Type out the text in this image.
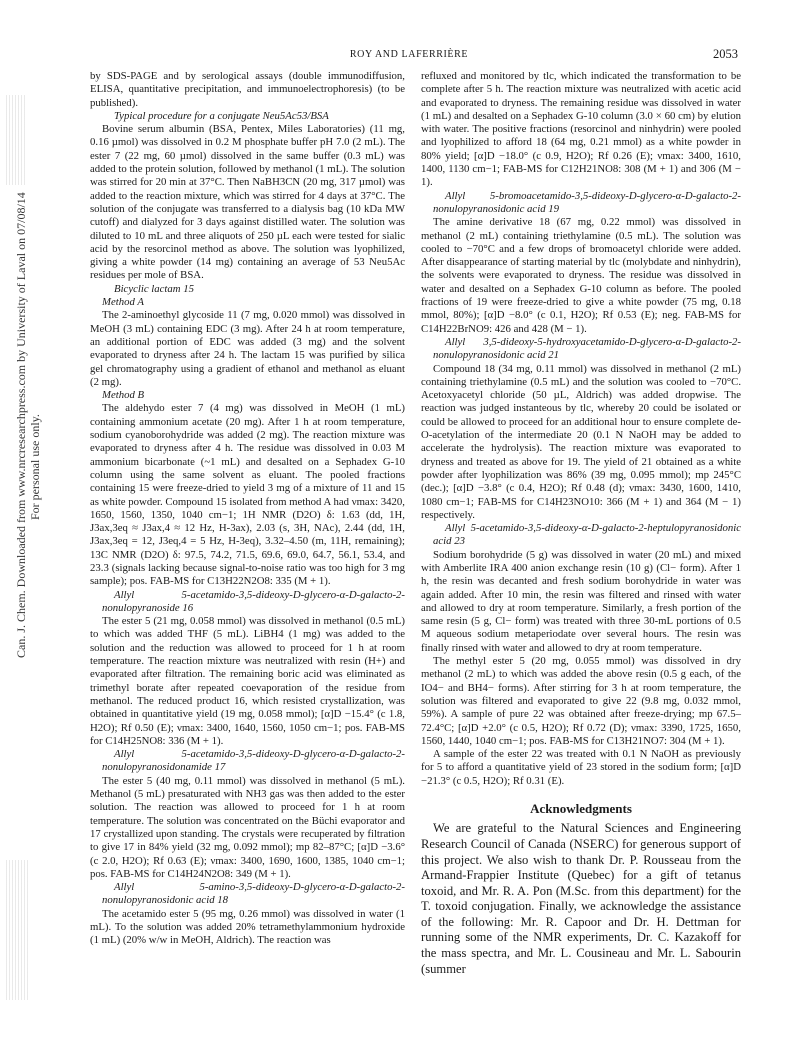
ROY AND LAFERRIÈRE	2053
Can. J. Chem. Downloaded from www.nrcresearchpress.com by University of Laval on 07/08/14 For personal use only.

by SDS-PAGE and by serological assays (double immunodiffusion, ELISA, quantitative precipitation, and immunoelectrophoresis) (to be published).

Typical procedure for a conjugate Neu5Ac53/BSA

Bovine serum albumin (BSA, Pentex, Miles Laboratories) (11 mg, 0.16 µmol) was dissolved in 0.2 M phosphate buffer pH 7.0 (2 mL). The ester 7 (22 mg, 60 µmol) dissolved in the same buffer (0.3 mL) was added to the protein solution, followed by methanol (1 mL). The solution was stirred for 20 min at 37°C. Then NaBH3CN (20 mg, 317 µmol) was added to the reaction mixture, which was stirred for 4 days at 37°C. The solution of the conjugate was transferred to a dialysis bag (10 kDa MW cutoff) and dialyzed for 3 days against distilled water. The solution was diluted to 10 mL and three aliquots of 250 µL each were tested for sialic acid by the resorcinol method as above. The solution was lyophilized, giving a white powder (14 mg) containing an average of 53 Neu5Ac residues per mole of BSA.

Bicyclic lactam 15

Method A

The 2-aminoethyl glycoside 11 (7 mg, 0.020 mmol) was dissolved in MeOH (3 mL) containing EDC (3 mg). After 24 h at room temperature, an additional portion of EDC was added (3 mg) and the solvent evaporated to dryness after 24 h. The lactam 15 was purified by silica gel chromatography using a gradient of ethanol and methanol as eluant (2 mg).

Method B

The aldehydo ester 7 (4 mg) was dissolved in MeOH (1 mL) containing ammonium acetate (20 mg). After 1 h at room temperature, sodium cyanoborohydride was added (2 mg). The reaction mixture was evaporated to dryness after 4 h. The residue was dissolved in 0.03 M ammonium bicarbonate (~1 mL) and desalted on a Sephadex G-10 column using the same solvent as eluant. The pooled fractions containing 15 were freeze-dried to yield 3 mg of a mixture of 11 and 15 as white powder. Compound 15 isolated from method A had νmax: 3420, 1650, 1560, 1350, 1040 cm−1; 1H NMR (D2O) δ: 1.63 (dd, 1H, J3ax,3eq ≈ J3ax,4 ≈ 12 Hz, H-3ax), 2.03 (s, 3H, NAc), 2.44 (dd, 1H, J3ax,3eq = 12, J3eq,4 = 5 Hz, H-3eq), 3.32–4.50 (m, 11H, remaining); 13C NMR (D2O) δ: 97.5, 74.2, 71.5, 69.6, 69.0, 64.7, 56.1, 53.4, and 23.3 (signals lacking because signal-to-noise ratio was too high for 3 mg sample); pos. FAB-MS for C13H22N2O8: 335 (M + 1).

Allyl 5-acetamido-3,5-dideoxy-D-glycero-α-D-galacto-2-nonulopyranoside 16

The ester 5 (21 mg, 0.058 mmol) was dissolved in methanol (0.5 mL) to which was added THF (5 mL). LiBH4 (1 mg) was added to the solution and the reduction was allowed to proceed for 1 h at room temperature. The reaction mixture was neutralized with resin (H+) and evaporated after filtration. The remaining boric acid was eliminated as trimethyl borate after repeated coevaporation of the residue from methanol. The reduced product 16, which resisted crystallization, was obtained in quantitative yield (19 mg, 0.058 mmol); [α]D −15.4° (c 1.8, H2O); Rf 0.50 (E); νmax: 3400, 1640, 1560, 1050 cm−1; pos. FAB-MS for C14H25NO8: 336 (M + 1).

Allyl 5-acetamido-3,5-dideoxy-D-glycero-α-D-galacto-2-nonulopyranosidonamide 17

The ester 5 (40 mg, 0.11 mmol) was dissolved in methanol (5 mL). Methanol (5 mL) presaturated with NH3 gas was then added to the ester solution. The reaction was allowed to proceed for 1 h at room temperature. The solution was concentrated on the Büchi evaporator and 17 crystallized upon standing. The crystals were recuperated by filtration to give 17 in 84% yield (32 mg, 0.092 mmol); mp 82–87°C; [α]D −3.6° (c 2.0, H2O); Rf 0.63 (E); νmax: 3400, 1690, 1600, 1385, 1040 cm−1; pos. FAB-MS for C14H24N2O8: 349 (M + 1).

Allyl 5-amino-3,5-dideoxy-D-glycero-α-D-galacto-2-nonulopyranosidonic acid 18

The acetamido ester 5 (95 mg, 0.26 mmol) was dissolved in water (1 mL). To the solution was added 20% tetramethylammonium hydroxide (1 mL) (20% w/w in MeOH, Aldrich). The reaction was

refluxed and monitored by tlc, which indicated the transformation to be complete after 5 h. The reaction mixture was neutralized with acetic acid and evaporated to dryness. The remaining residue was dissolved in water (1 mL) and desalted on a Sephadex G-10 column (3.0 × 60 cm) by elution with water. The positive fractions (resorcinol and ninhydrin) were pooled and lyophilized to afford 18 (64 mg, 0.21 mmol) as a white powder in 80% yield; [α]D −18.0° (c 0.9, H2O); Rf 0.26 (E); νmax: 3400, 1610, 1400, 1130 cm−1; FAB-MS for C12H21NO8: 308 (M + 1) and 306 (M − 1).

Allyl 5-bromoacetamido-3,5-dideoxy-D-glycero-α-D-galacto-2-nonulopyranosidonic acid 19

The amine derivative 18 (67 mg, 0.22 mmol) was dissolved in methanol (2 mL) containing triethylamine (0.5 mL). The solution was cooled to −70°C and a few drops of bromoacetyl chloride were added. After disappearance of starting material by tlc (molybdate and ninhydrin), the solvents were evaporated to dryness. The residue was dissolved in water and desalted on a Sephadex G-10 column as before. The pooled fractions of 19 were freeze-dried to give a white powder (75 mg, 0.18 mmol, 80%); [α]D −8.0° (c 0.1, H2O); Rf 0.53 (E); neg. FAB-MS for C14H22BrNO9: 426 and 428 (M − 1).

Allyl 3,5-dideoxy-5-hydroxyacetamido-D-glycero-α-D-galacto-2-nonulopyranosidonic acid 21

Compound 18 (34 mg, 0.11 mmol) was dissolved in methanol (2 mL) containing triethylamine (0.5 mL) and the solution was cooled to −70°C. Acetoxyacetyl chloride (50 µL, Aldrich) was added dropwise. The reaction was judged instanteous by tlc, whereby 20 could be isolated or could be allowed to proceed for an additional hour to ensure complete de-O-acetylation of the intermediate 20 (0.1 N NaOH may be added to accelerate the hydrolysis). The reaction mixture was evaporated to dryness and treated as above for 19. The yield of 21 obtained as a white powder after lyophilization was 86% (39 mg, 0.095 mmol); mp 245°C (dec.); [α]D −3.8° (c 0.4, H2O); Rf 0.48 (d); νmax: 3430, 1600, 1410, 1080 cm−1; FAB-MS for C14H23NO10: 366 (M + 1) and 364 (M − 1) respectively.

Allyl 5-acetamido-3,5-dideoxy-α-D-galacto-2-heptulopyranosidonic acid 23

Sodium borohydride (5 g) was dissolved in water (20 mL) and mixed with Amberlite IRA 400 anion exchange resin (10 g) (Cl− form). After 1 h, the resin was decanted and fresh sodium borohydride in water was again added. After 10 min, the resin was filtered and rinsed with water and allowed to dry at room temperature. Similarly, a fresh portion of the same resin (5 g, Cl− form) was treated with three 30-mL portions of 0.5 M aqueous sodium metaperiodate over several hours. The resin was finally rinsed with water and allowed to dry at room temperature.

The methyl ester 5 (20 mg, 0.055 mmol) was dissolved in dry methanol (2 mL) to which was added the above resin (0.5 g each, of the IO4− and BH4− forms). After stirring for 3 h at room temperature, the solution was filtered and evaporated to give 22 (9.8 mg, 0.032 mmol, 59%). A sample of pure 22 was obtained after freeze-drying; mp 67.5–72.4°C; [α]D +2.0° (c 0.5, H2O); Rf 0.72 (D); νmax: 3390, 1725, 1650, 1560, 1440, 1040 cm−1; pos. FAB-MS for C13H21NO7: 304 (M + 1).

A sample of the ester 22 was treated with 0.1 N NaOH as previously for 5 to afford a quantitative yield of 23 stored in the sodium form; [α]D −21.3° (c 0.5, H2O); Rf 0.31 (E).

Acknowledgments

We are grateful to the Natural Sciences and Engineering Research Council of Canada (NSERC) for generous support of this project. We also wish to thank Dr. P. Rousseau from the Armand-Frappier Institute (Quebec) for a gift of tetanus toxoid, and Mr. R. A. Pon (M.Sc. from this department) for the T. toxoid conjugation. Finally, we acknowledge the assistance of the following: Mr. R. Capoor and Dr. H. Dettman for running some of the NMR experiments, Dr. C. Kazakoff for the mass spectra, and Mr. L. Cousineau and Mr. L. Sabourin (summer
